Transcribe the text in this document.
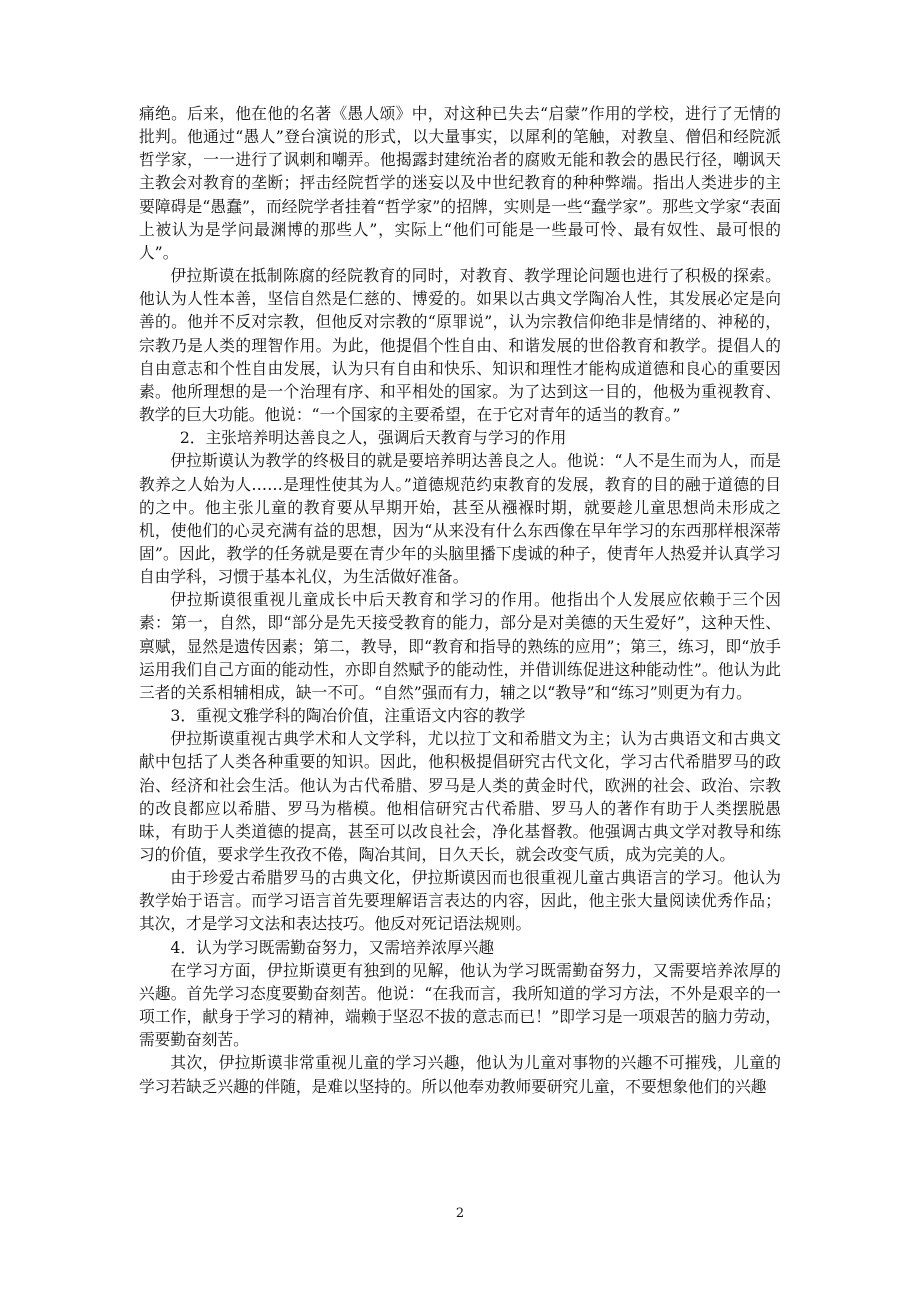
痛绝。后来，他在他的名著《愚人颂》中，对这种已失去“启蒙”作用的学校，进行了无情的批判。他通过“愚人”登台演说的形式，以大量事实，以犀利的笔触，对教皇、僧侣和经院派哲学家，一一进行了讽刺和嘲弄。他揭露封建统治者的腐败无能和教会的愚民行径，嘲讽天主教会对教育的垄断；抨击经院哲学的迷妄以及中世纪教育的种种弊端。指出人类进步的主要障碍是“愚蠢”，而经院学者挂着“哲学家”的招牌，实则是一些“蠢学家”。那些文学家“表面上被认为是学问最渊博的那些人”，实际上“他们可能是一些最可怜、最有奴性、最可恨的人”。

伊拉斯谟在抵制陈腐的经院教育的同时，对教育、教学理论问题也进行了积极的探索。他认为人性本善，坚信自然是仁慈的、博爱的。如果以古典文学陶冶人性，其发展必定是向善的。他并不反对宗教，但他反对宗教的“原罪说”，认为宗教信仰绝非是情绪的、神秘的，宗教乃是人类的理智作用。为此，他提倡个性自由、和谐发展的世俗教育和教学。提倡人的自由意志和个性自由发展，认为只有自由和快乐、知识和理性才能构成道德和良心的重要因素。他所理想的是一个治理有序、和平相处的国家。为了达到这一目的，他极为重视教育、教学的巨大功能。他说：“一个国家的主要希望，在于它对青年的适当的教育。”

2．主张培养明达善良之人，强调后天教育与学习的作用

伊拉斯谟认为教学的终极目的就是要培养明达善良之人。他说：“人不是生而为人，而是教养之人始为人……是理性使其为人。”道德规范约束教育的发展，教育的目的融于道德的目的之中。他主张儿童的教育要从早期开始，甚至从襁褓时期，就要趁儿童思想尚未形成之机，使他们的心灵充满有益的思想，因为“从来没有什么东西像在早年学习的东西那样根深蒂固”。因此，教学的任务就是要在青少年的头脑里播下虔诚的种子，使青年人热爱并认真学习自由学科，习惯于基本礼仪，为生活做好准备。

伊拉斯谟很重视儿童成长中后天教育和学习的作用。他指出个人发展应依赖于三个因素：第一，自然，即“部分是先天接受教育的能力，部分是对美德的天生爱好”，这种天性、禀赋，显然是遗传因素；第二，教导，即“教育和指导的熟练的应用”；第三，练习，即“放手运用我们自己方面的能动性，亦即自然赋予的能动性，并借训练促进这种能动性”。他认为此三者的关系相辅相成，缺一不可。“自然”强而有力，辅之以“教导”和“练习”则更为有力。

3．重视文雅学科的陶冶价值，注重语文内容的教学

伊拉斯谟重视古典学术和人文学科，尤以拉丁文和希腊文为主；认为古典语文和古典文献中包括了人类各种重要的知识。因此，他积极提倡研究古代文化，学习古代希腊罗马的政治、经济和社会生活。他认为古代希腊、罗马是人类的黄金时代，欧洲的社会、政治、宗教的改良都应以希腊、罗马为楷模。他相信研究古代希腊、罗马人的著作有助于人类摆脱愚昧，有助于人类道德的提高，甚至可以改良社会，净化基督教。他强调古典文学对教导和练习的价值，要求学生孜孜不倦，陶冶其间，日久天长，就会改变气质，成为完美的人。

由于珍爱古希腊罗马的古典文化，伊拉斯谟因而也很重视儿童古典语言的学习。他认为教学始于语言。而学习语言首先要理解语言表达的内容，因此，他主张大量阅读优秀作品；其次，才是学习文法和表达技巧。他反对死记语法规则。

4．认为学习既需勤奋努力，又需培养浓厚兴趣

在学习方面，伊拉斯谟更有独到的见解，他认为学习既需勤奋努力，又需要培养浓厚的兴趣。首先学习态度要勤奋刻苦。他说：“在我而言，我所知道的学习方法，不外是艰辛的一项工作，献身于学习的精神，端赖于坚忍不拔的意志而已！”即学习是一项艰苦的脑力劳动，需要勤奋刻苦。

其次，伊拉斯谟非常重视儿童的学习兴趣，他认为儿童对事物的兴趣不可摧残，儿童的学习若缺乏兴趣的伴随，是难以坚持的。所以他奉劝教师要研究儿童，不要想象他们的兴趣

2
